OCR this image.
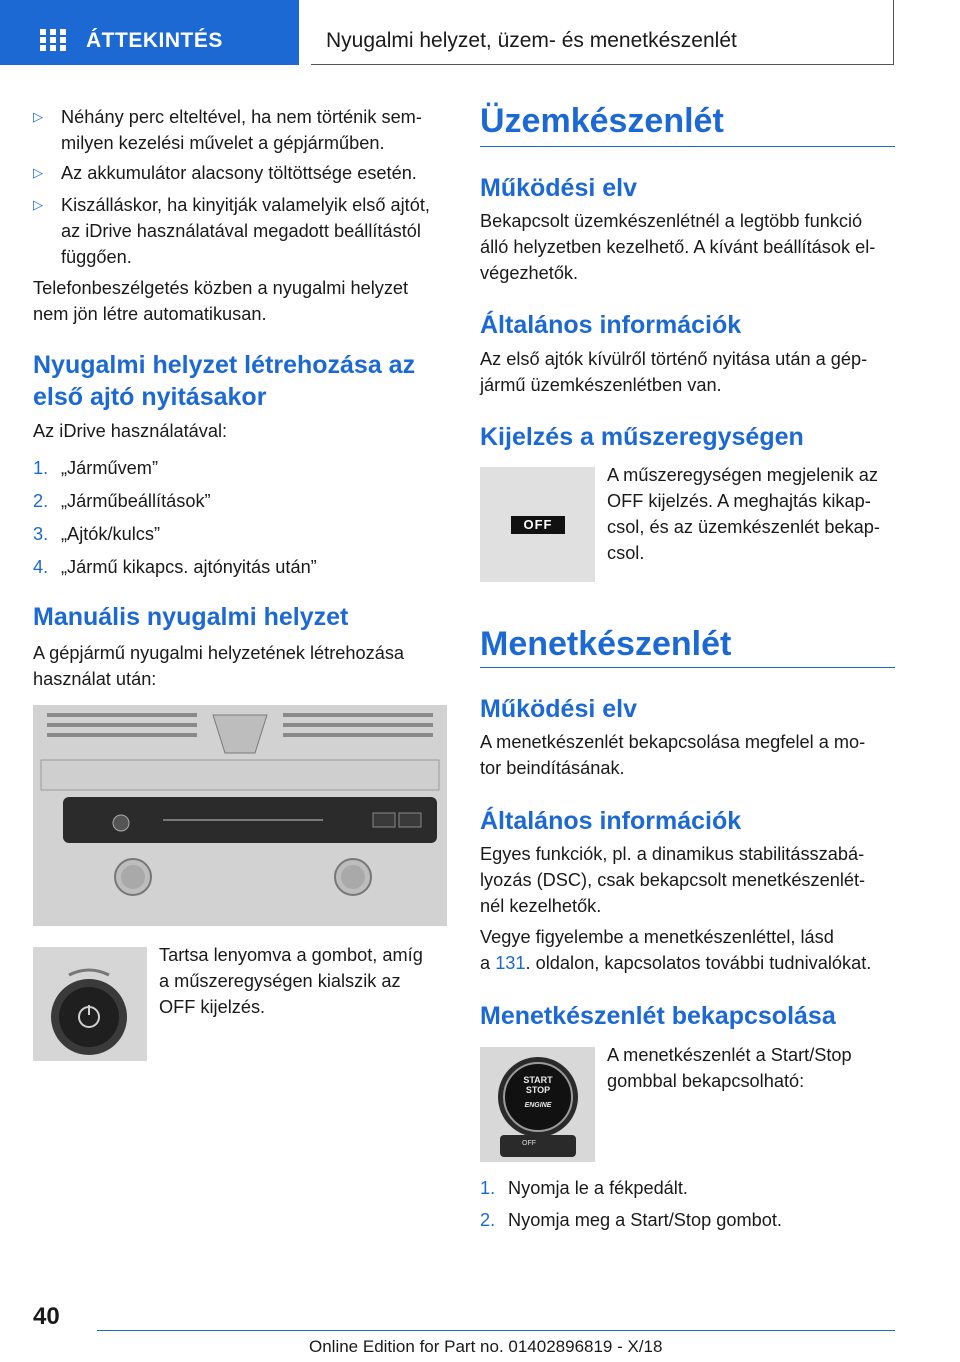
ÁTTEKINTÉS	Nyugalmi helyzet, üzem- és menetkészenlét
▷ Néhány perc elteltével, ha nem történik sem-

milyen kezelési művelet a gépjárműben.

▷ Az akkumulátor alacsony töltöttsége esetén.

▷ Kiszálláskor, ha kinyitják valamelyik első ajtót,

az iDrive használatával megadott beállítástól

függően.

Telefonbeszélgetés közben a nyugalmi helyzet

nem jön létre automatikusan.

Nyugalmi helyzet létrehozása az
első ajtó nyitásakor

Az iDrive használatával:

1. „Járművem”
2. „Járműbeállítások”
3. „Ajtók/kulcs”
4. „Jármű kikapcs. ajtónyitás után”
Manuális nyugalmi helyzet

A gépjármű nyugalmi helyzetének létrehozása

használat után:

Tartsa lenyomva a gombot, amíg

a műszeregységen kialszik az

OFF kijelzés.

Üzemkészenlét
Működési elv

Bekapcsolt üzemkészenlétnél a legtöbb funkció

álló helyzetben kezelhető. A kívánt beállítások el-

végezhetők.

Általános információk

Az első ajtók kívülről történő nyitása után a gép-

jármű üzemkészenlétben van.

Kijelzés a műszeregységen
OFF

A műszeregységen megjelenik az

OFF kijelzés. A meghajtás kikap-

csol, és az üzemkészenlét bekap-

csol.

Menetkészenlét
Működési elv

A menetkészenlét bekapcsolása megfelel a mo-

tor beindításának.

Általános információk

Egyes funkciók, pl. a dinamikus stabilitásszabá-

lyozás (DSC), csak bekapcsolt menetkészenlét-

nél kezelhetők.

Vegye figyelembe a menetkészenléttel, lásd

a 131. oldalon, kapcsolatos további tudnivalókat.

Menetkészenlét bekapcsolása
START
STOP
ENGINE
OFF

A menetkészenlét a Start/Stop

gombbal bekapcsolható:

1. Nyomja le a fékpedált.
2. Nyomja meg a Start/Stop gombot.
40
Online Edition for Part no. 01402896819 - X/18
